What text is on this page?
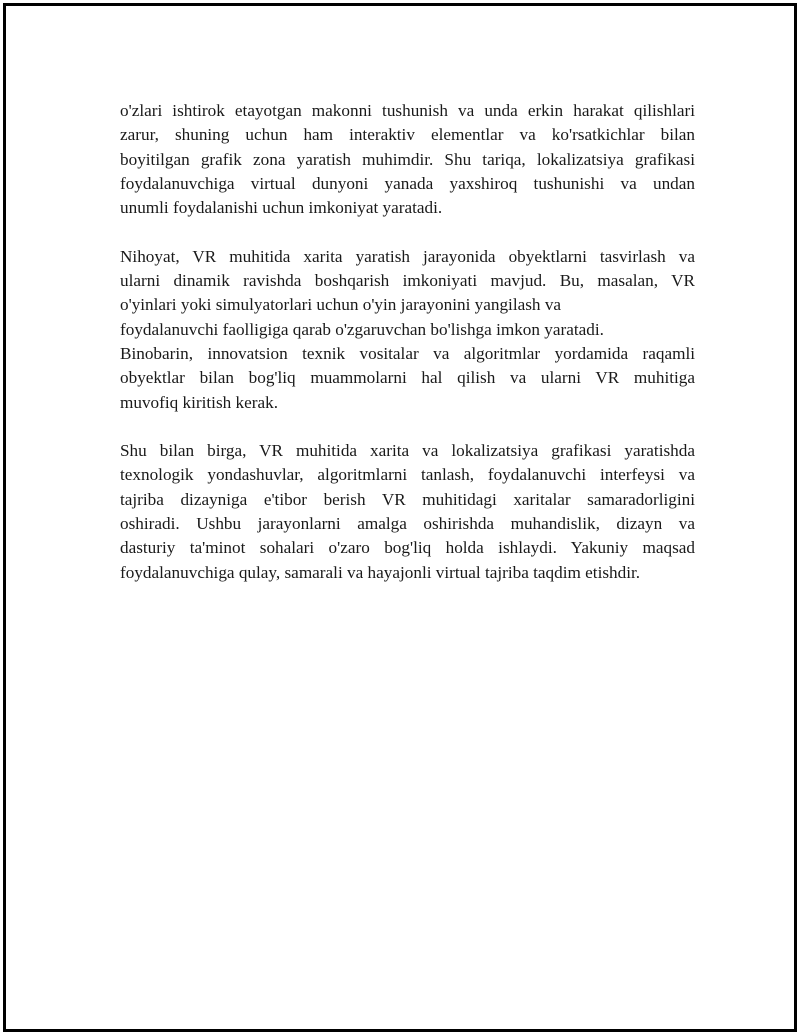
o'zlari ishtirok etayotgan makonni tushunish va unda erkin harakat qilishlari
zarur, shuning uchun ham interaktiv elementlar va ko'rsatkichlar bilan
boyitilgan grafik zona yaratish muhimdir. Shu tariqa, lokalizatsiya grafikasi
foydalanuvchiga virtual dunyoni yanada yaxshiroq tushunishi va undan
unumli foydalanishi uchun imkoniyat yaratadi.

Nihoyat, VR muhitida xarita yaratish jarayonida obyektlarni tasvirlash va
ularni dinamik ravishda boshqarish imkoniyati mavjud. Bu, masalan, VR
o'yinlari yoki simulyatorlari uchun o'yin jarayonini yangilash va
foydalanuvchi faolligiga qarab o'zgaruvchan bo'lishga imkon yaratadi.
Binobarin, innovatsion texnik vositalar va algoritmlar yordamida raqamli
obyektlar bilan bog'liq muammolarni hal qilish va ularni VR muhitiga
muvofiq kiritish kerak.

Shu bilan birga, VR muhitida xarita va lokalizatsiya grafikasi yaratishda
texnologik yondashuvlar, algoritmlarni tanlash, foydalanuvchi interfeysi va
tajriba dizayniga e'tibor berish VR muhitidagi xaritalar samaradorligini
oshiradi. Ushbu jarayonlarni amalga oshirishda muhandislik, dizayn va
dasturiy ta'minot sohalari o'zaro bog'liq holda ishlaydi. Yakuniy maqsad
foydalanuvchiga qulay, samarali va hayajonli virtual tajriba taqdim etishdir.
